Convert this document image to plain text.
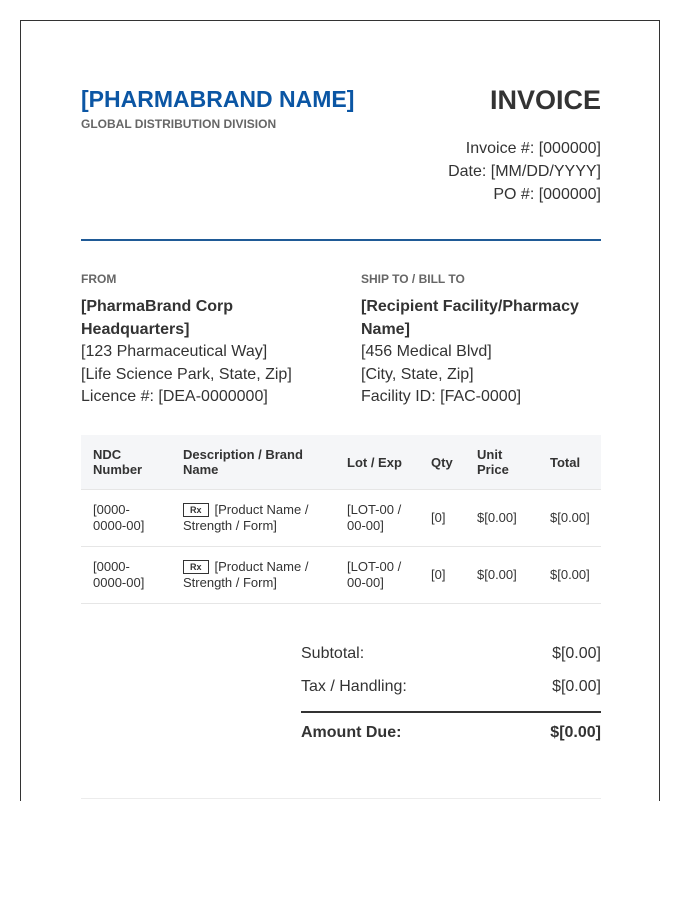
[PHARMABRAND NAME]
GLOBAL DISTRIBUTION DIVISION
INVOICE
Invoice #: [000000]
Date: [MM/DD/YYYY]
PO #: [000000]
FROM
[PharmaBrand Corp Headquarters]
[123 Pharmaceutical Way]
[Life Science Park, State, Zip]
Licence #: [DEA-0000000]
SHIP TO / BILL TO
[Recipient Facility/Pharmacy Name]
[456 Medical Blvd]
[City, State, Zip]
Facility ID: [FAC-0000]
NDC Number	Description / Brand Name	Lot / Exp	Qty	Unit Price	Total

[0000-0000-00]	Rx [Product Name / Strength / Form]	[LOT-00 / 00-00]	[0]	$[0.00]	$[0.00]

[0000-0000-00]	Rx [Product Name / Strength / Form]	[LOT-00 / 00-00]	[0]	$[0.00]	$[0.00]
Subtotal:	$[0.00]
Tax / Handling:	$[0.00]
Amount Due:	$[0.00]
